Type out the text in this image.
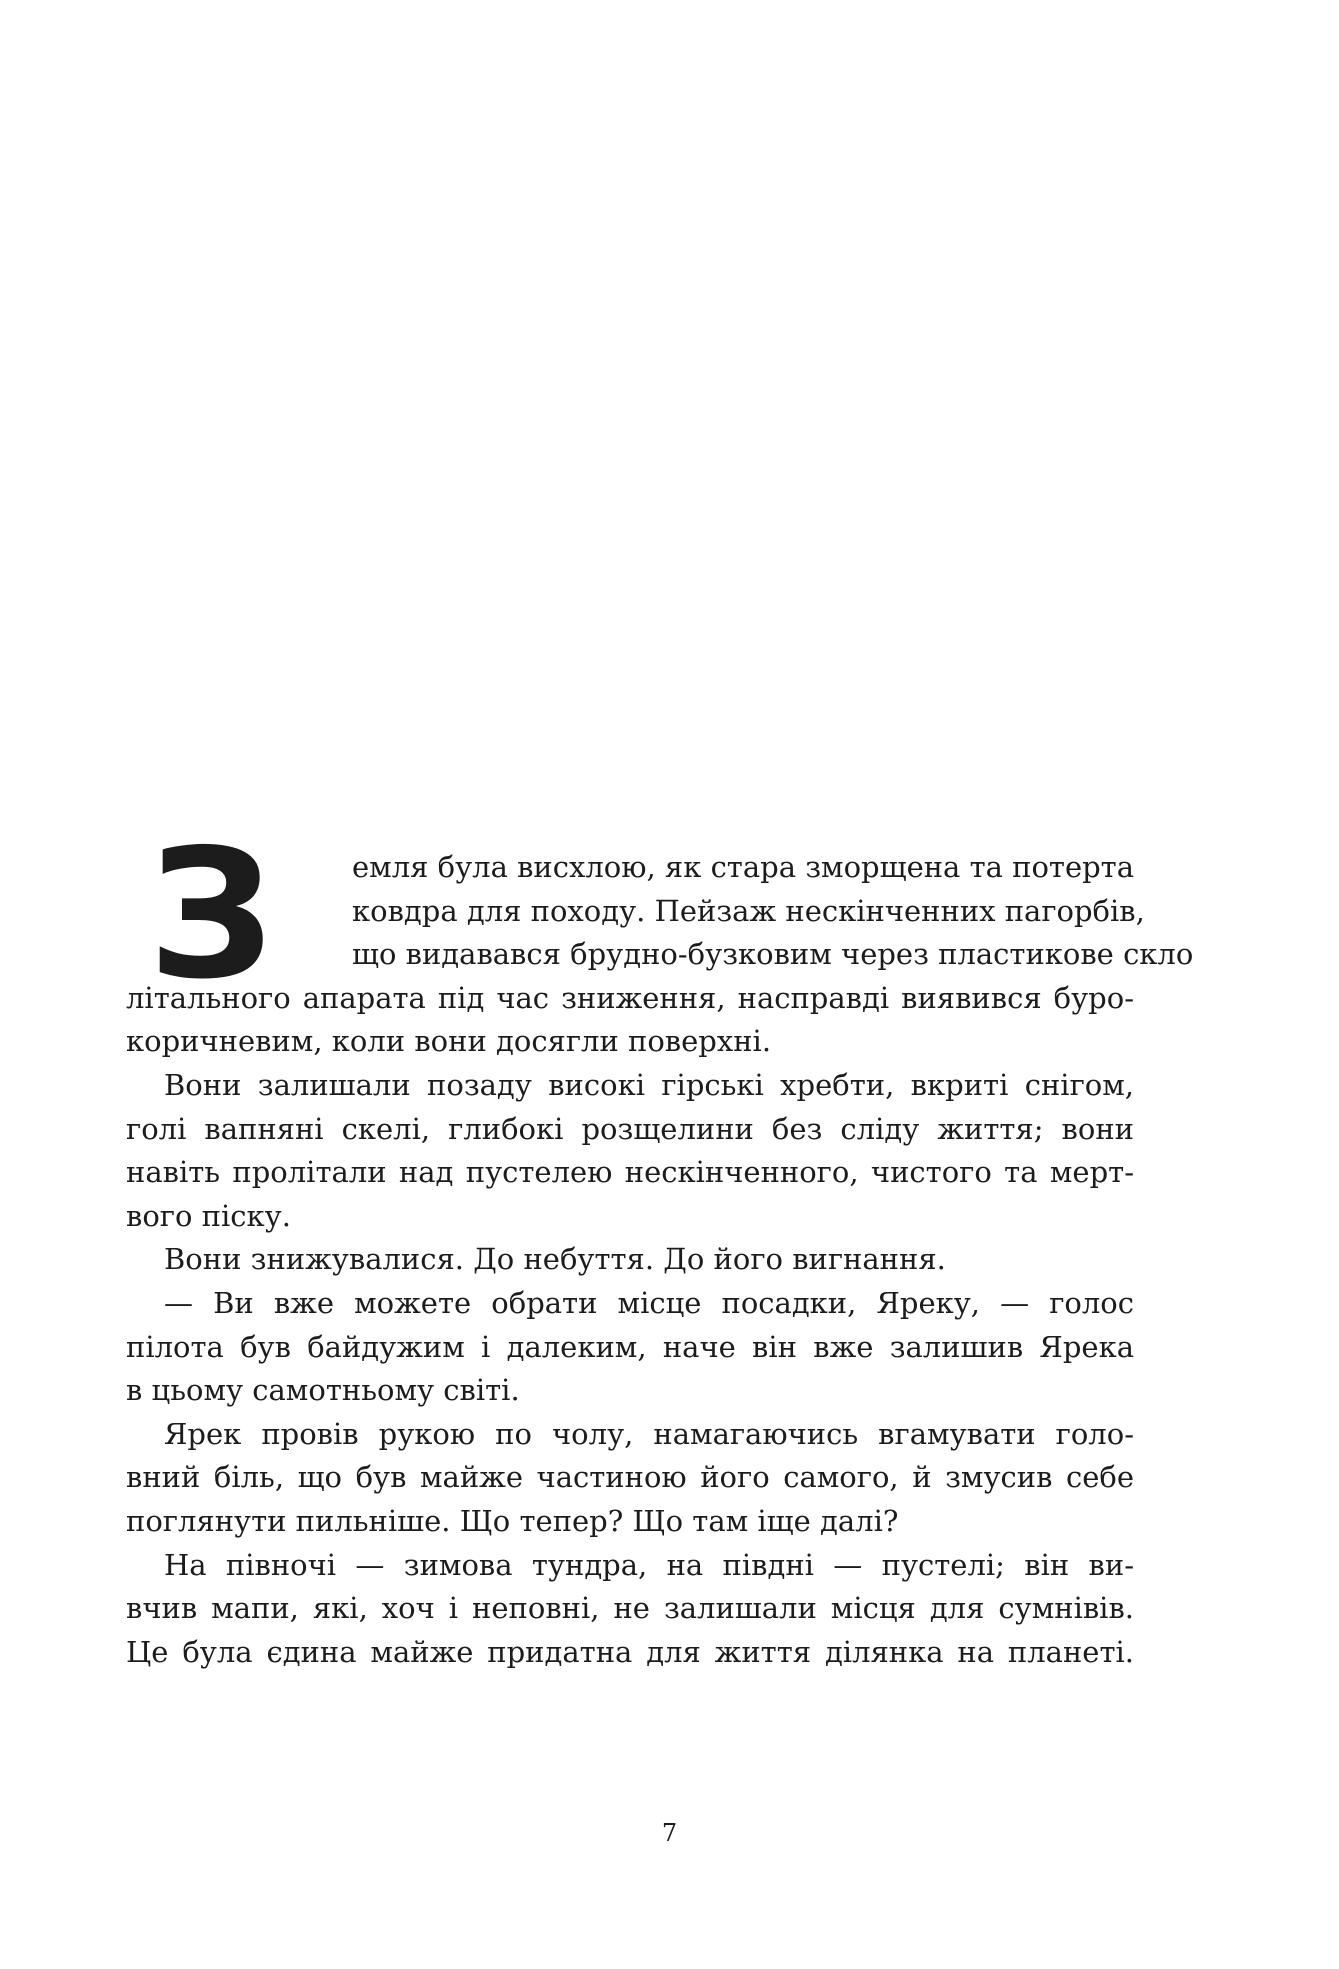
З	емля була висхлою, як стара зморщена та потерта
ковдра для походу. Пейзаж нескінченних пагорбів,
що видавався брудно-бузковим через пластикове скло
літального апарата під час зниження, насправді виявився буро-
коричневим, коли вони досягли поверхні.
Вони залишали позаду високі гірські хребти, вкриті снігом,
голі вапняні скелі, глибокі розщелини без сліду життя; вони
навіть пролітали над пустелею нескінченного, чистого та мерт-
вого піску.
Вони знижувалися. До небуття. До його вигнання.
— Ви вже можете обрати місце посадки, Яреку, — голос
пілота був байдужим і далеким, наче він вже залишив Ярека
в цьому самотньому світі.
Ярек провів рукою по чолу, намагаючись вгамувати голо-
вний біль, що був майже частиною його самого, й змусив себе
поглянути пильніше. Що тепер? Що там іще далі?
На півночі — зимова тундра, на півдні — пустелі; він ви-
вчив мапи, які, хоч і неповні, не залишали місця для сумнівів.
Це була єдина майже придатна для життя ділянка на планеті.
7
